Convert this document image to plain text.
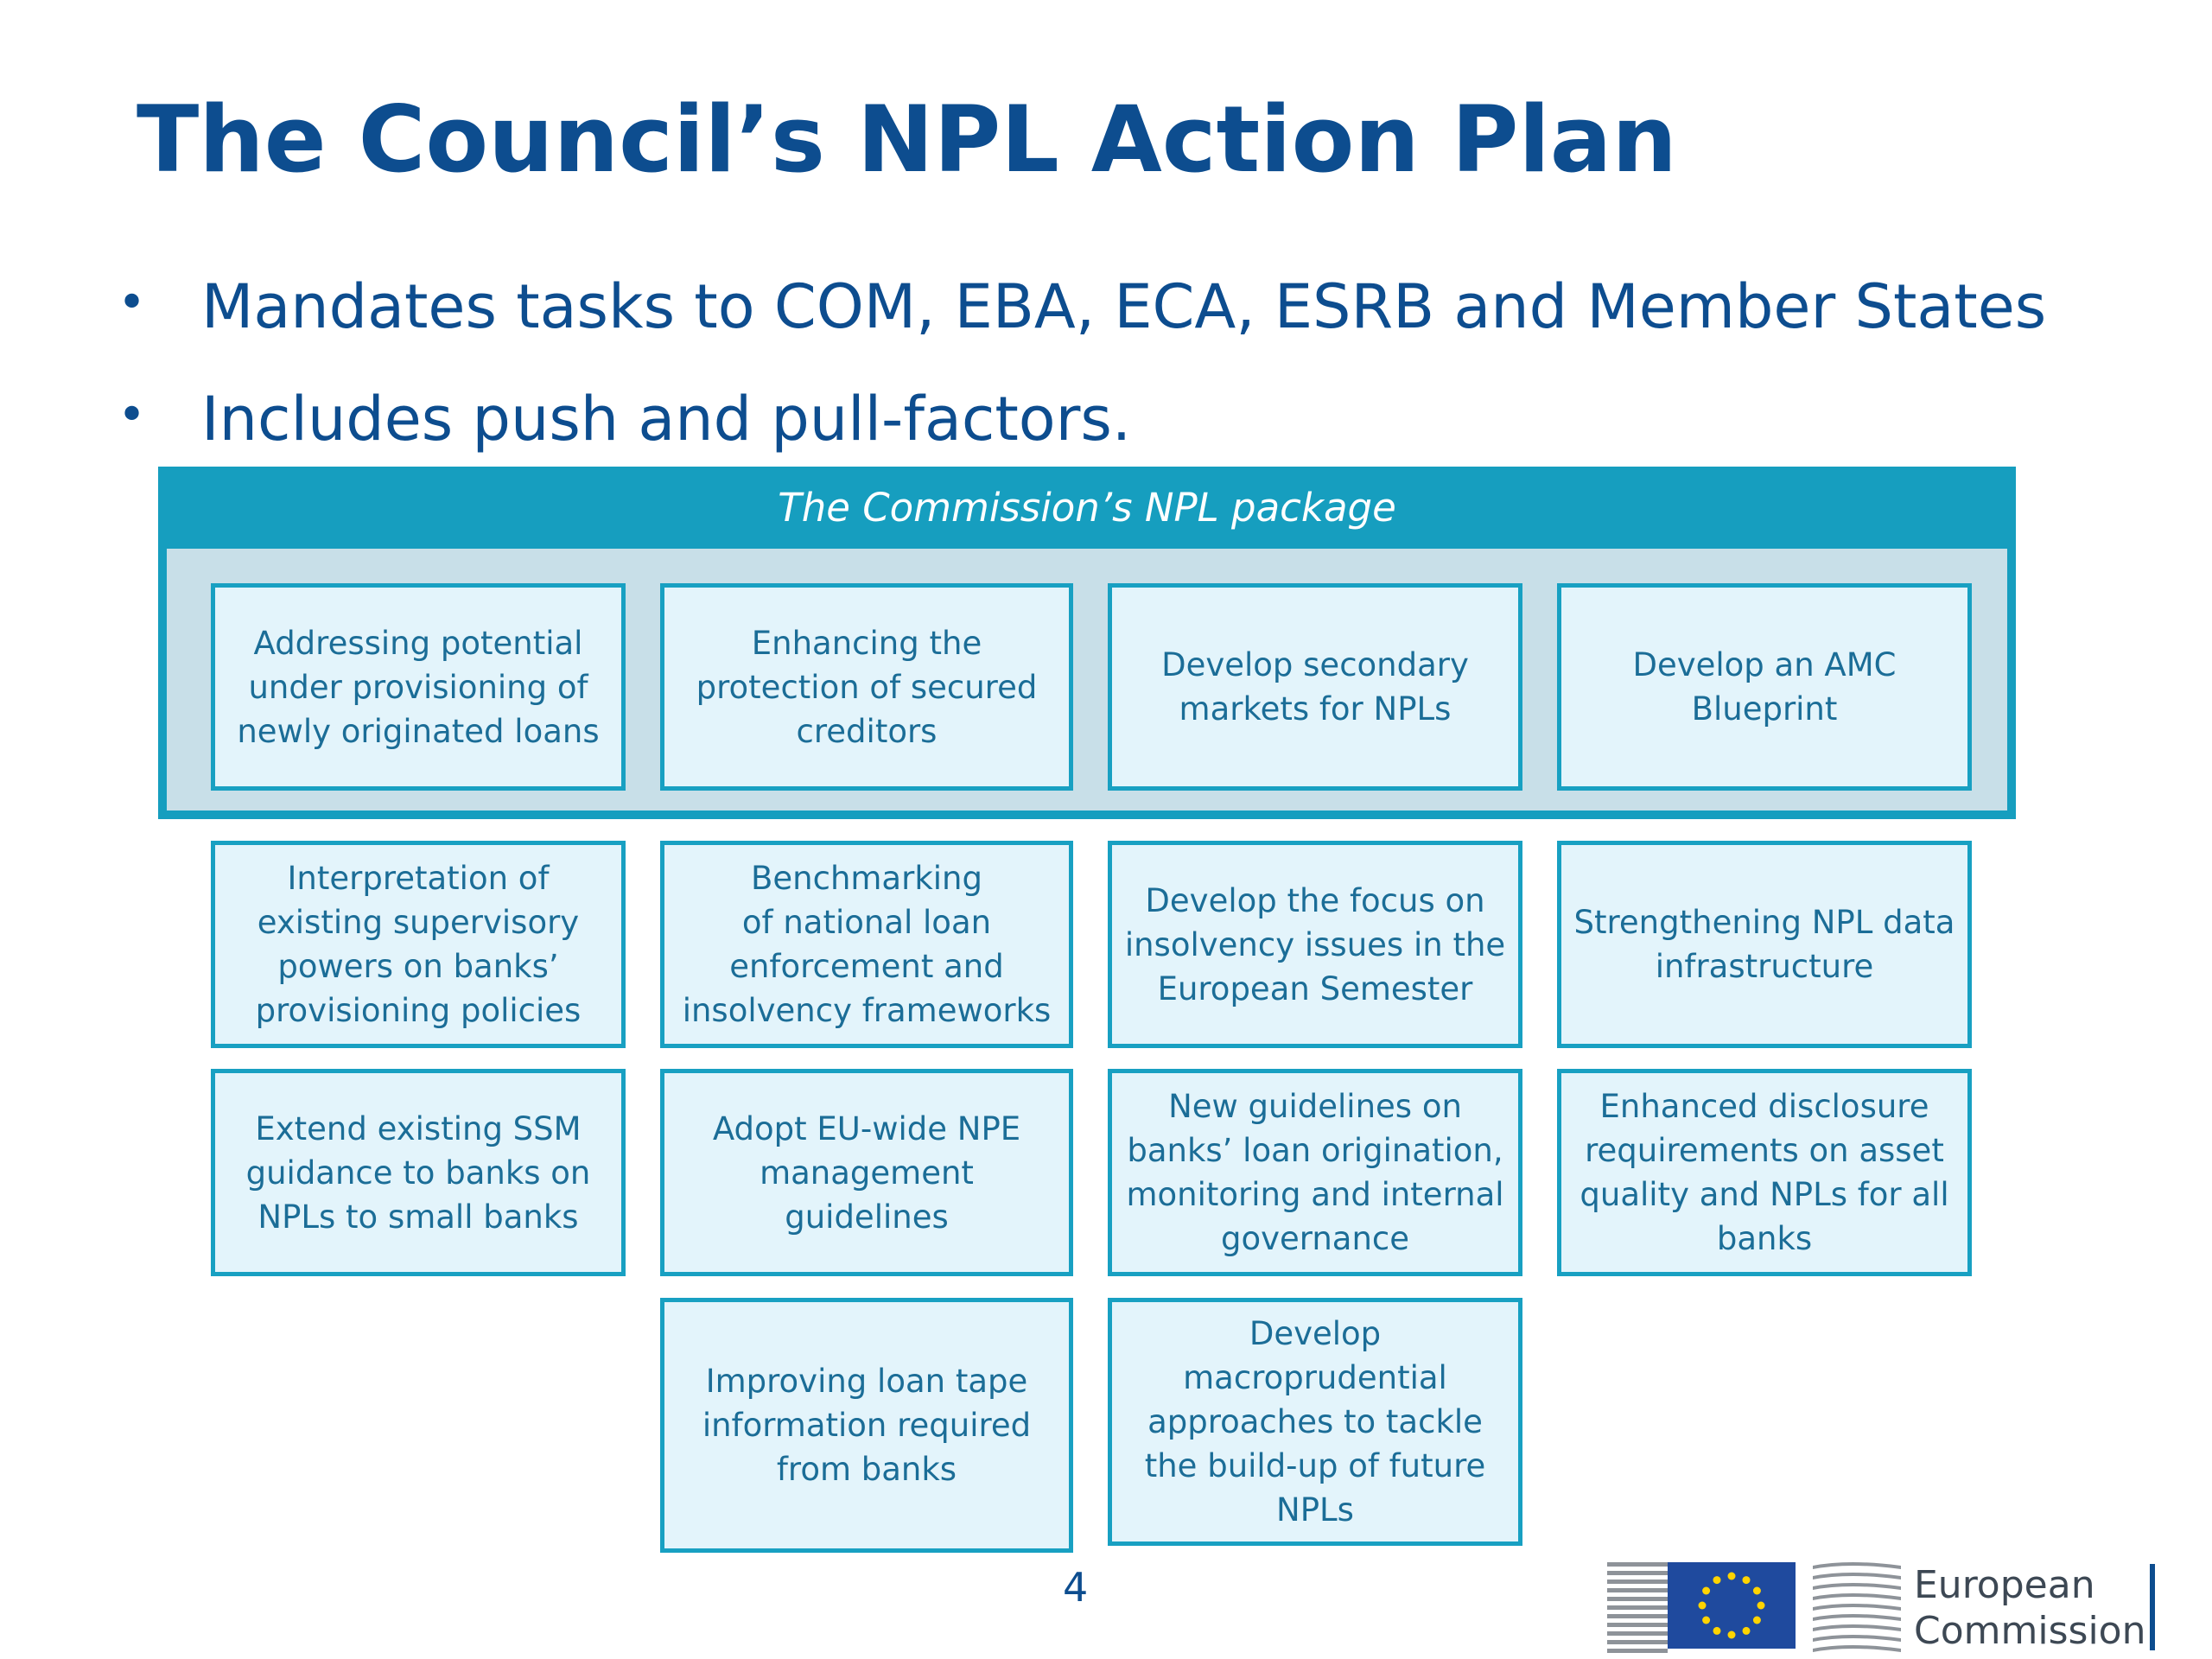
The Council’s NPL Action Plan
• Mandates tasks to COM, EBA, ECA, ESRB and Member States
• Includes push and pull-factors.
The Commission’s NPL package
Addressing potential
under provisioning of
newly originated loans
Enhancing the
protection of secured
creditors
Develop secondary
markets for NPLs
Develop an AMC
Blueprint
Interpretation of
existing supervisory
powers on banks’
provisioning policies
Benchmarking
of national loan
enforcement and
insolvency frameworks
Develop the focus on
insolvency issues in the
European Semester
Strengthening NPL data
infrastructure
Extend existing SSM
guidance to banks on
NPLs to small banks
Adopt EU-wide NPE
management guidelines
New guidelines on
banks’ loan origination,
monitoring and internal
governance
Enhanced disclosure
requirements on asset
quality and NPLs for all
banks
Improving loan tape
information required
from banks
Develop
macroprudential
approaches to tackle
the build-up of future
NPLs
4	European
Commission
